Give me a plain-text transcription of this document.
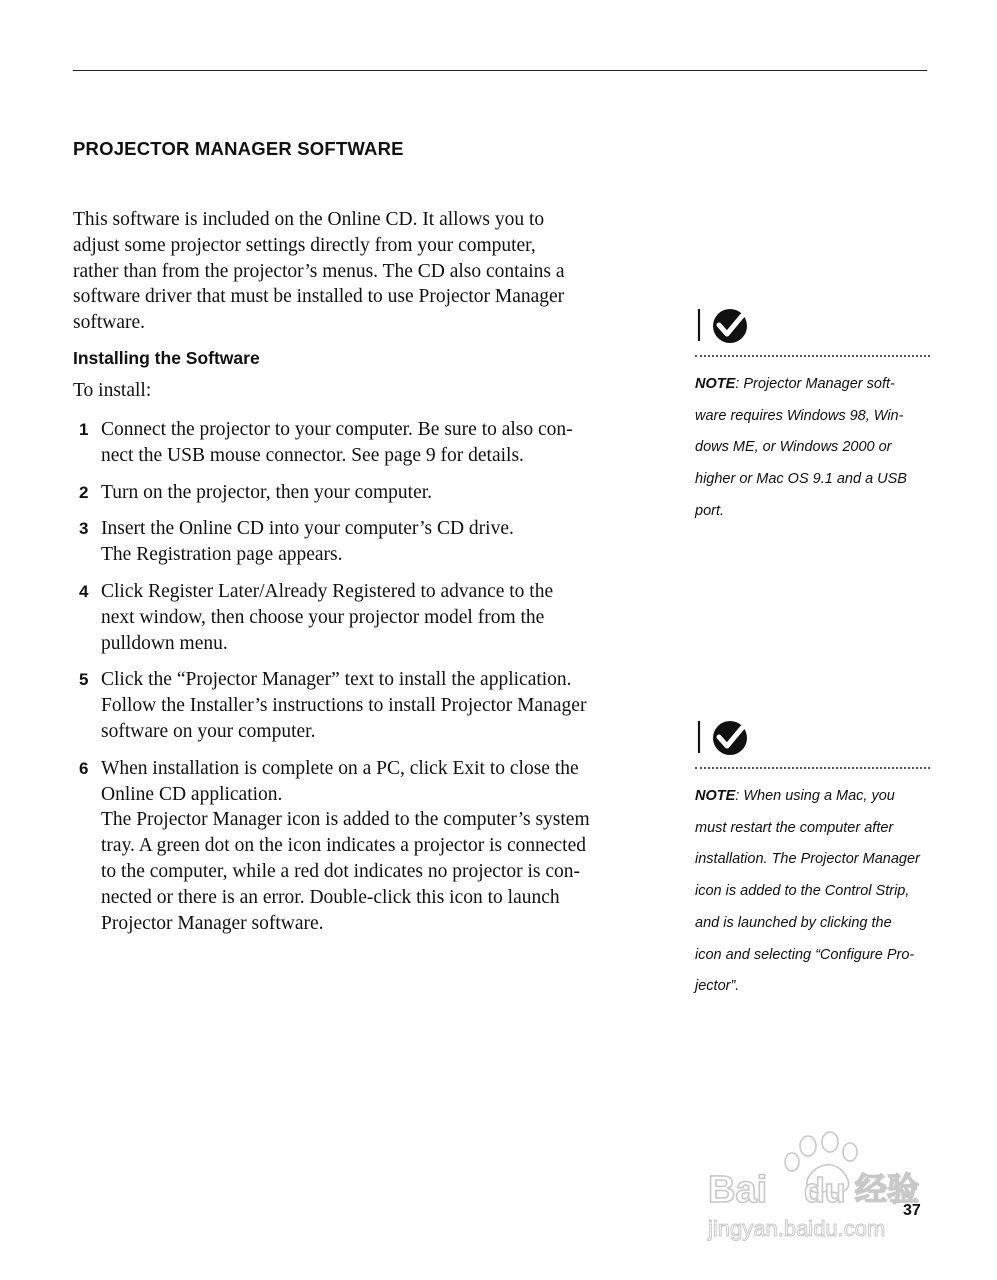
PROJECTOR MANAGER SOFTWARE
This software is included on the Online CD. It allows you to
adjust some projector settings directly from your computer,
rather than from the projector’s menus. The CD also contains a
software driver that must be installed to use Projector Manager
software.
Installing the Software
To install:
1 Connect the projector to your computer. Be sure to also con-
nect the USB mouse connector. See page 9 for details.
2 Turn on the projector, then your computer.
3 Insert the Online CD into your computer’s CD drive.
The Registration page appears.
4 Click Register Later/Already Registered to advance to the
next window, then choose your projector model from the
pulldown menu.
5 Click the “Projector Manager” text to install the application.
Follow the Installer’s instructions to install Projector Manager
software on your computer.
6 When installation is complete on a PC, click Exit to close the
Online CD application.
The Projector Manager icon is added to the computer’s system
tray. A green dot on the icon indicates a projector is connected
to the computer, while a red dot indicates no projector is con-
nected or there is an error. Double-click this icon to launch
Projector Manager software.
NOTE: Projector Manager soft-
ware requires Windows 98, Win-
dows ME, or Windows 2000 or
higher or Mac OS 9.1 and a USB
port.
NOTE: When using a Mac, you
must restart the computer after
installation. The Projector Manager
icon is added to the Control Strip,
and is launched by clicking the
icon and selecting “Configure Pro-
jector”.
Bai du 经验
jingyan.baidu.com
37
